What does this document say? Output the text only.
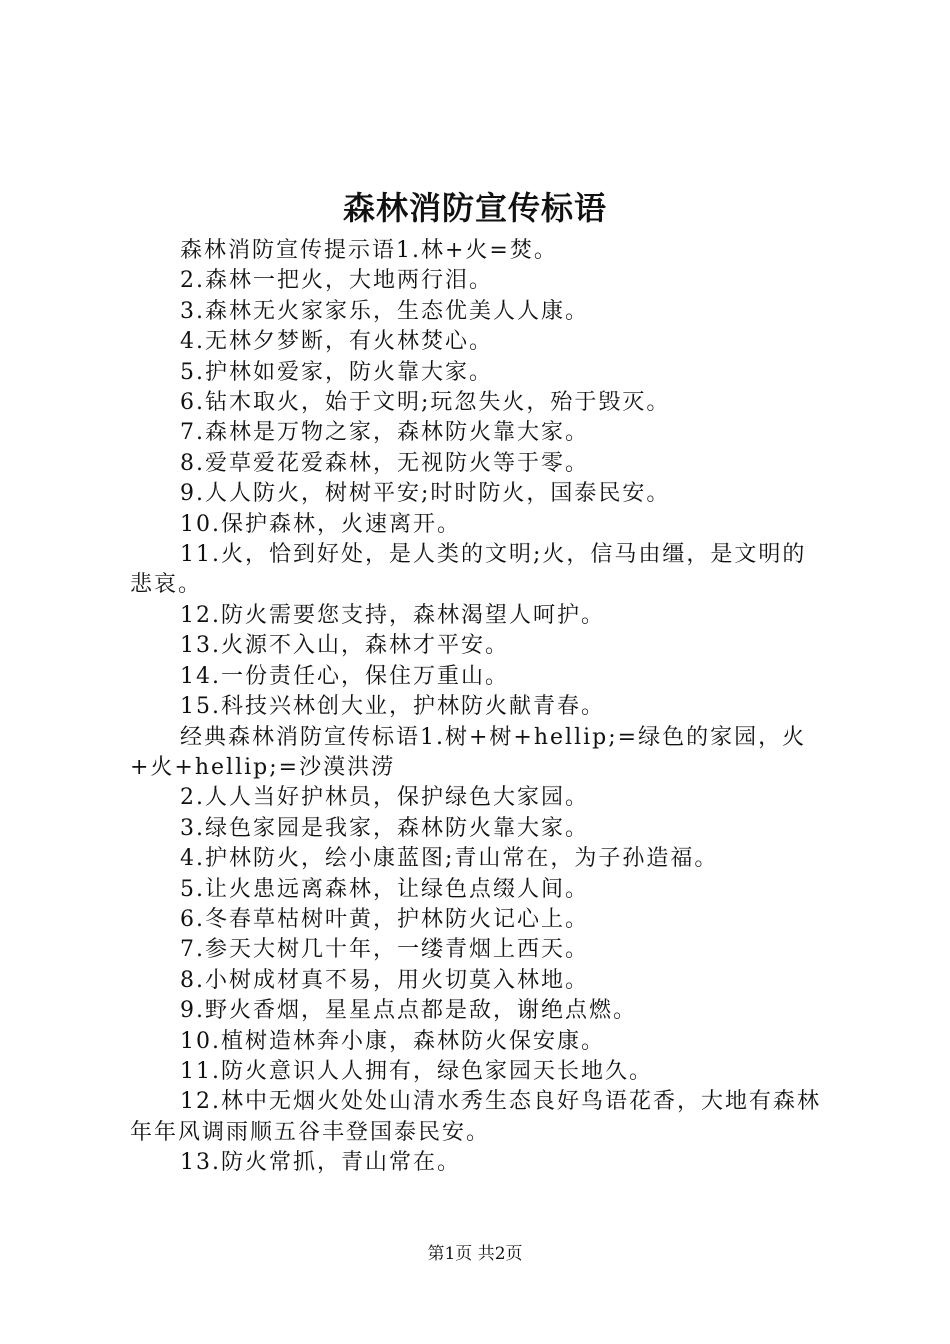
森林消防宣传标语

森林消防宣传提示语1.林+火=焚。

2.森林一把火，大地两行泪。

3.森林无火家家乐，生态优美人人康。

4.无林夕梦断，有火林焚心。

5.护林如爱家，防火靠大家。

6.钻木取火，始于文明;玩忽失火，殆于毁灭。

7.森林是万物之家，森林防火靠大家。

8.爱草爱花爱森林，无视防火等于零。

9.人人防火，树树平安;时时防火，国泰民安。

10.保护森林，火速离开。

11.火，恰到好处，是人类的文明;火，信马由缰，是文明的悲哀。

12.防火需要您支持，森林渴望人呵护。

13.火源不入山，森林才平安。

14.一份责任心，保住万重山。

15.科技兴林创大业，护林防火献青春。

经典森林消防宣传标语1.树+树+hellip;=绿色的家园，火+火+hellip;=沙漠洪涝

2.人人当好护林员，保护绿色大家园。

3.绿色家园是我家，森林防火靠大家。

4.护林防火，绘小康蓝图;青山常在，为子孙造福。

5.让火患远离森林，让绿色点缀人间。

6.冬春草枯树叶黄，护林防火记心上。

7.参天大树几十年，一缕青烟上西天。

8.小树成材真不易，用火切莫入林地。

9.野火香烟，星星点点都是敌，谢绝点燃。

10.植树造林奔小康，森林防火保安康。

11.防火意识人人拥有，绿色家园天长地久。

12.林中无烟火处处山清水秀生态良好鸟语花香，大地有森林年年风调雨顺五谷丰登国泰民安。

13.防火常抓，青山常在。

第1页 共2页
